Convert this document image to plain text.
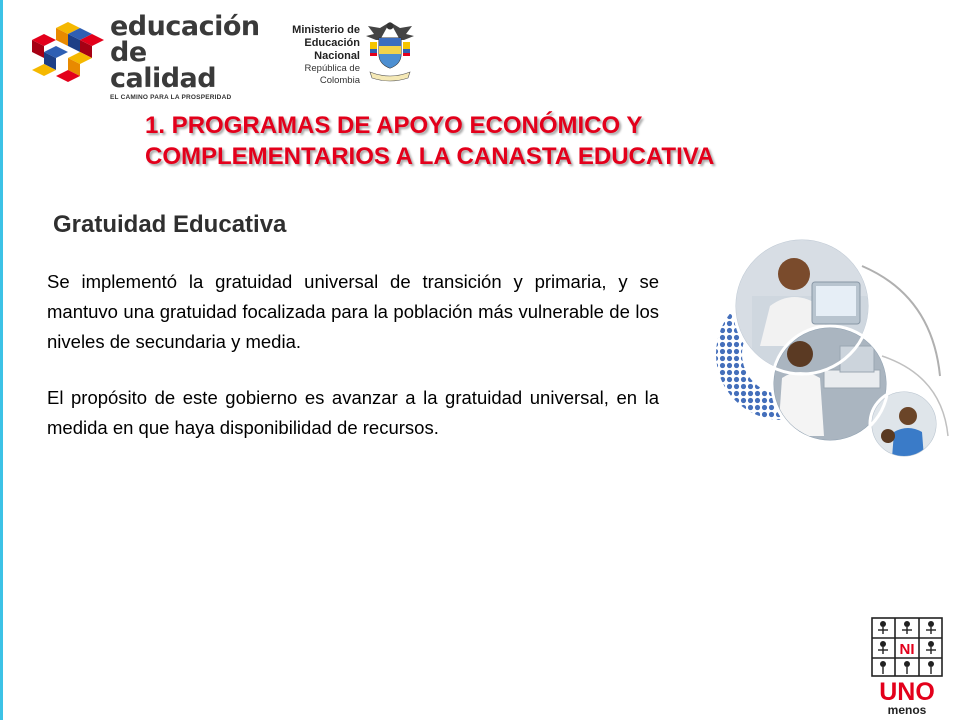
educación
de calidad
EL CAMINO PARA LA PROSPERIDAD
Ministerio de
Educación Nacional
República de Colombia
1. PROGRAMAS DE APOYO ECONÓMICO Y
COMPLEMENTARIOS A LA CANASTA EDUCATIVA
Gratuidad Educativa

Se implementó la gratuidad universal de transición y primaria, y se mantuvo una gratuidad focalizada para la población más vulnerable de los niveles de secundaria y media.

El propósito de este gobierno es avanzar a la gratuidad universal, en la medida en que haya disponibilidad de recursos.

NI
UNO
menos
